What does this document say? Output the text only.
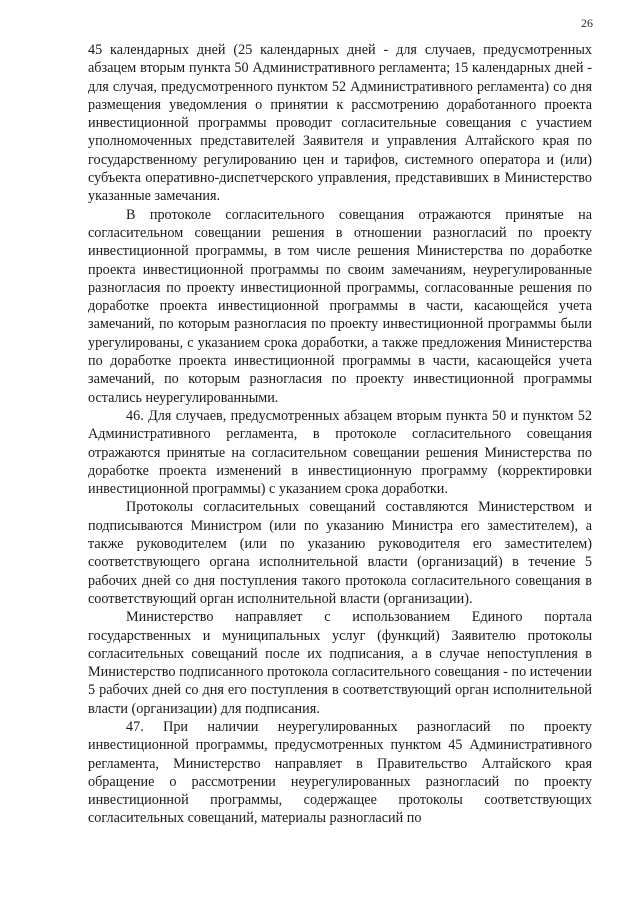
26

45 календарных дней (25 календарных дней - для случаев, предусмотренных абзацем вторым пункта 50 Административного регламента; 15 календарных дней - для случая, предусмотренного пунктом 52 Административного регламента) со дня размещения уведомления о принятии к рассмотрению доработанного проекта инвестиционной программы проводит согласительные совещания с участием уполномоченных представителей Заявителя и управления Алтайского края по государственному регулированию цен и тарифов, системного оператора и (или) субъекта оперативно-диспетчерского управления, представивших в Министерство указанные замечания.

В протоколе согласительного совещания отражаются принятые на согласительном совещании решения в отношении разногласий по проекту инвестиционной программы, в том числе решения Министерства по доработке проекта инвестиционной программы по своим замечаниям, неурегулированные разногласия по проекту инвестиционной программы, согласованные решения по доработке проекта инвестиционной программы в части, касающейся учета замечаний, по которым разногласия по проекту инвестиционной программы были урегулированы, с указанием срока доработки, а также предложения Министерства по доработке проекта инвестиционной программы в части, касающейся учета замечаний, по которым разногласия по проекту инвестиционной программы остались неурегулированными.

46. Для случаев, предусмотренных абзацем вторым пункта 50 и пунктом 52 Административного регламента, в протоколе согласительного совещания отражаются принятые на согласительном совещании решения Министерства по доработке проекта изменений в инвестиционную программу (корректировки инвестиционной программы) с указанием срока доработки.

Протоколы согласительных совещаний составляются Министерством и подписываются Министром (или по указанию Министра его заместителем), а также руководителем (или по указанию руководителя его заместителем) соответствующего органа исполнительной власти (организаций) в течение 5 рабочих дней со дня поступления такого протокола согласительного совещания в соответствующий орган исполнительной власти (организации).

Министерство направляет с использованием Единого портала государственных и муниципальных услуг (функций) Заявителю протоколы согласительных совещаний после их подписания, а в случае непоступления в Министерство подписанного протокола согласительного совещания - по истечении 5 рабочих дней со дня его поступления в соответствующий орган исполнительной власти (организации) для подписания.

47. При наличии неурегулированных разногласий по проекту инвестиционной программы, предусмотренных пунктом 45 Административного регламента, Министерство направляет в Правительство Алтайского края обращение о рассмотрении неурегулированных разногласий по проекту инвестиционной программы, содержащее протоколы соответствующих согласительных совещаний, материалы разногласий по
